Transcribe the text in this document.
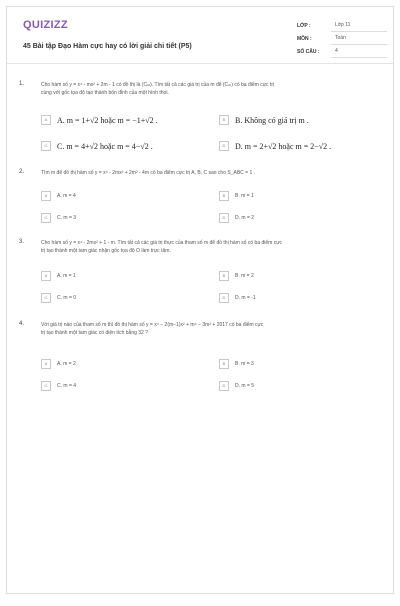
QUIZIZZ
45 Bài tập Đạo Hàm cực hay có lời giải chi tiết (P5)
LỚP :	Lớp 11
MÔN :	Toán
SỐ CÂU :	4
1.	Cho hàm số y = x⁴ - mx² + 2m - 1 có đồ thị là (Cₘ). Tìm tất cả các giá trị của m để (Cₘ) có ba điểm cực trị
cùng với gốc tọa độ tạo thành bốn đỉnh của một hình thoi.
A	A. m = 1+√2 hoặc m = −1+√2 .	B	B. Không có giá trị m .
C	C. m = 4+√2 hoặc m = 4−√2 .	D	D. m = 2+√2 hoặc m = 2−√2 .
2.	Tìm m để đồ thị hàm số y = x⁴ - 2mx² + 2m² - 4m có ba điểm cực trị A, B, C sao cho S_ABC = 1 .
A	A. m = 4	B	B. m = 1
C	C. m = 3	D	D. m = 2
3.	Cho hàm số y = x⁴ - 2mx² + 1 - m. Tìm tất cả các giá trị thực của tham số m để đồ thị hàm số có ba điểm cực
trị tạo thành một tam giác nhận gốc tọa độ O làm trực tâm.
A	A. m = 1	B	B. m = 2
C	C. m = 0	D	D. m = -1
4.	Với giá trị nào của tham số m thì đồ thị hàm số y = x⁴ − 2(m−1)x² + m⁴ − 3m² + 2017 có ba điểm cực
trị tạo thành một tam giác có diện tích bằng 32 ?
A	A. m = 2	B	B. m = 3
C	C. m = 4	D	D. m = 5
